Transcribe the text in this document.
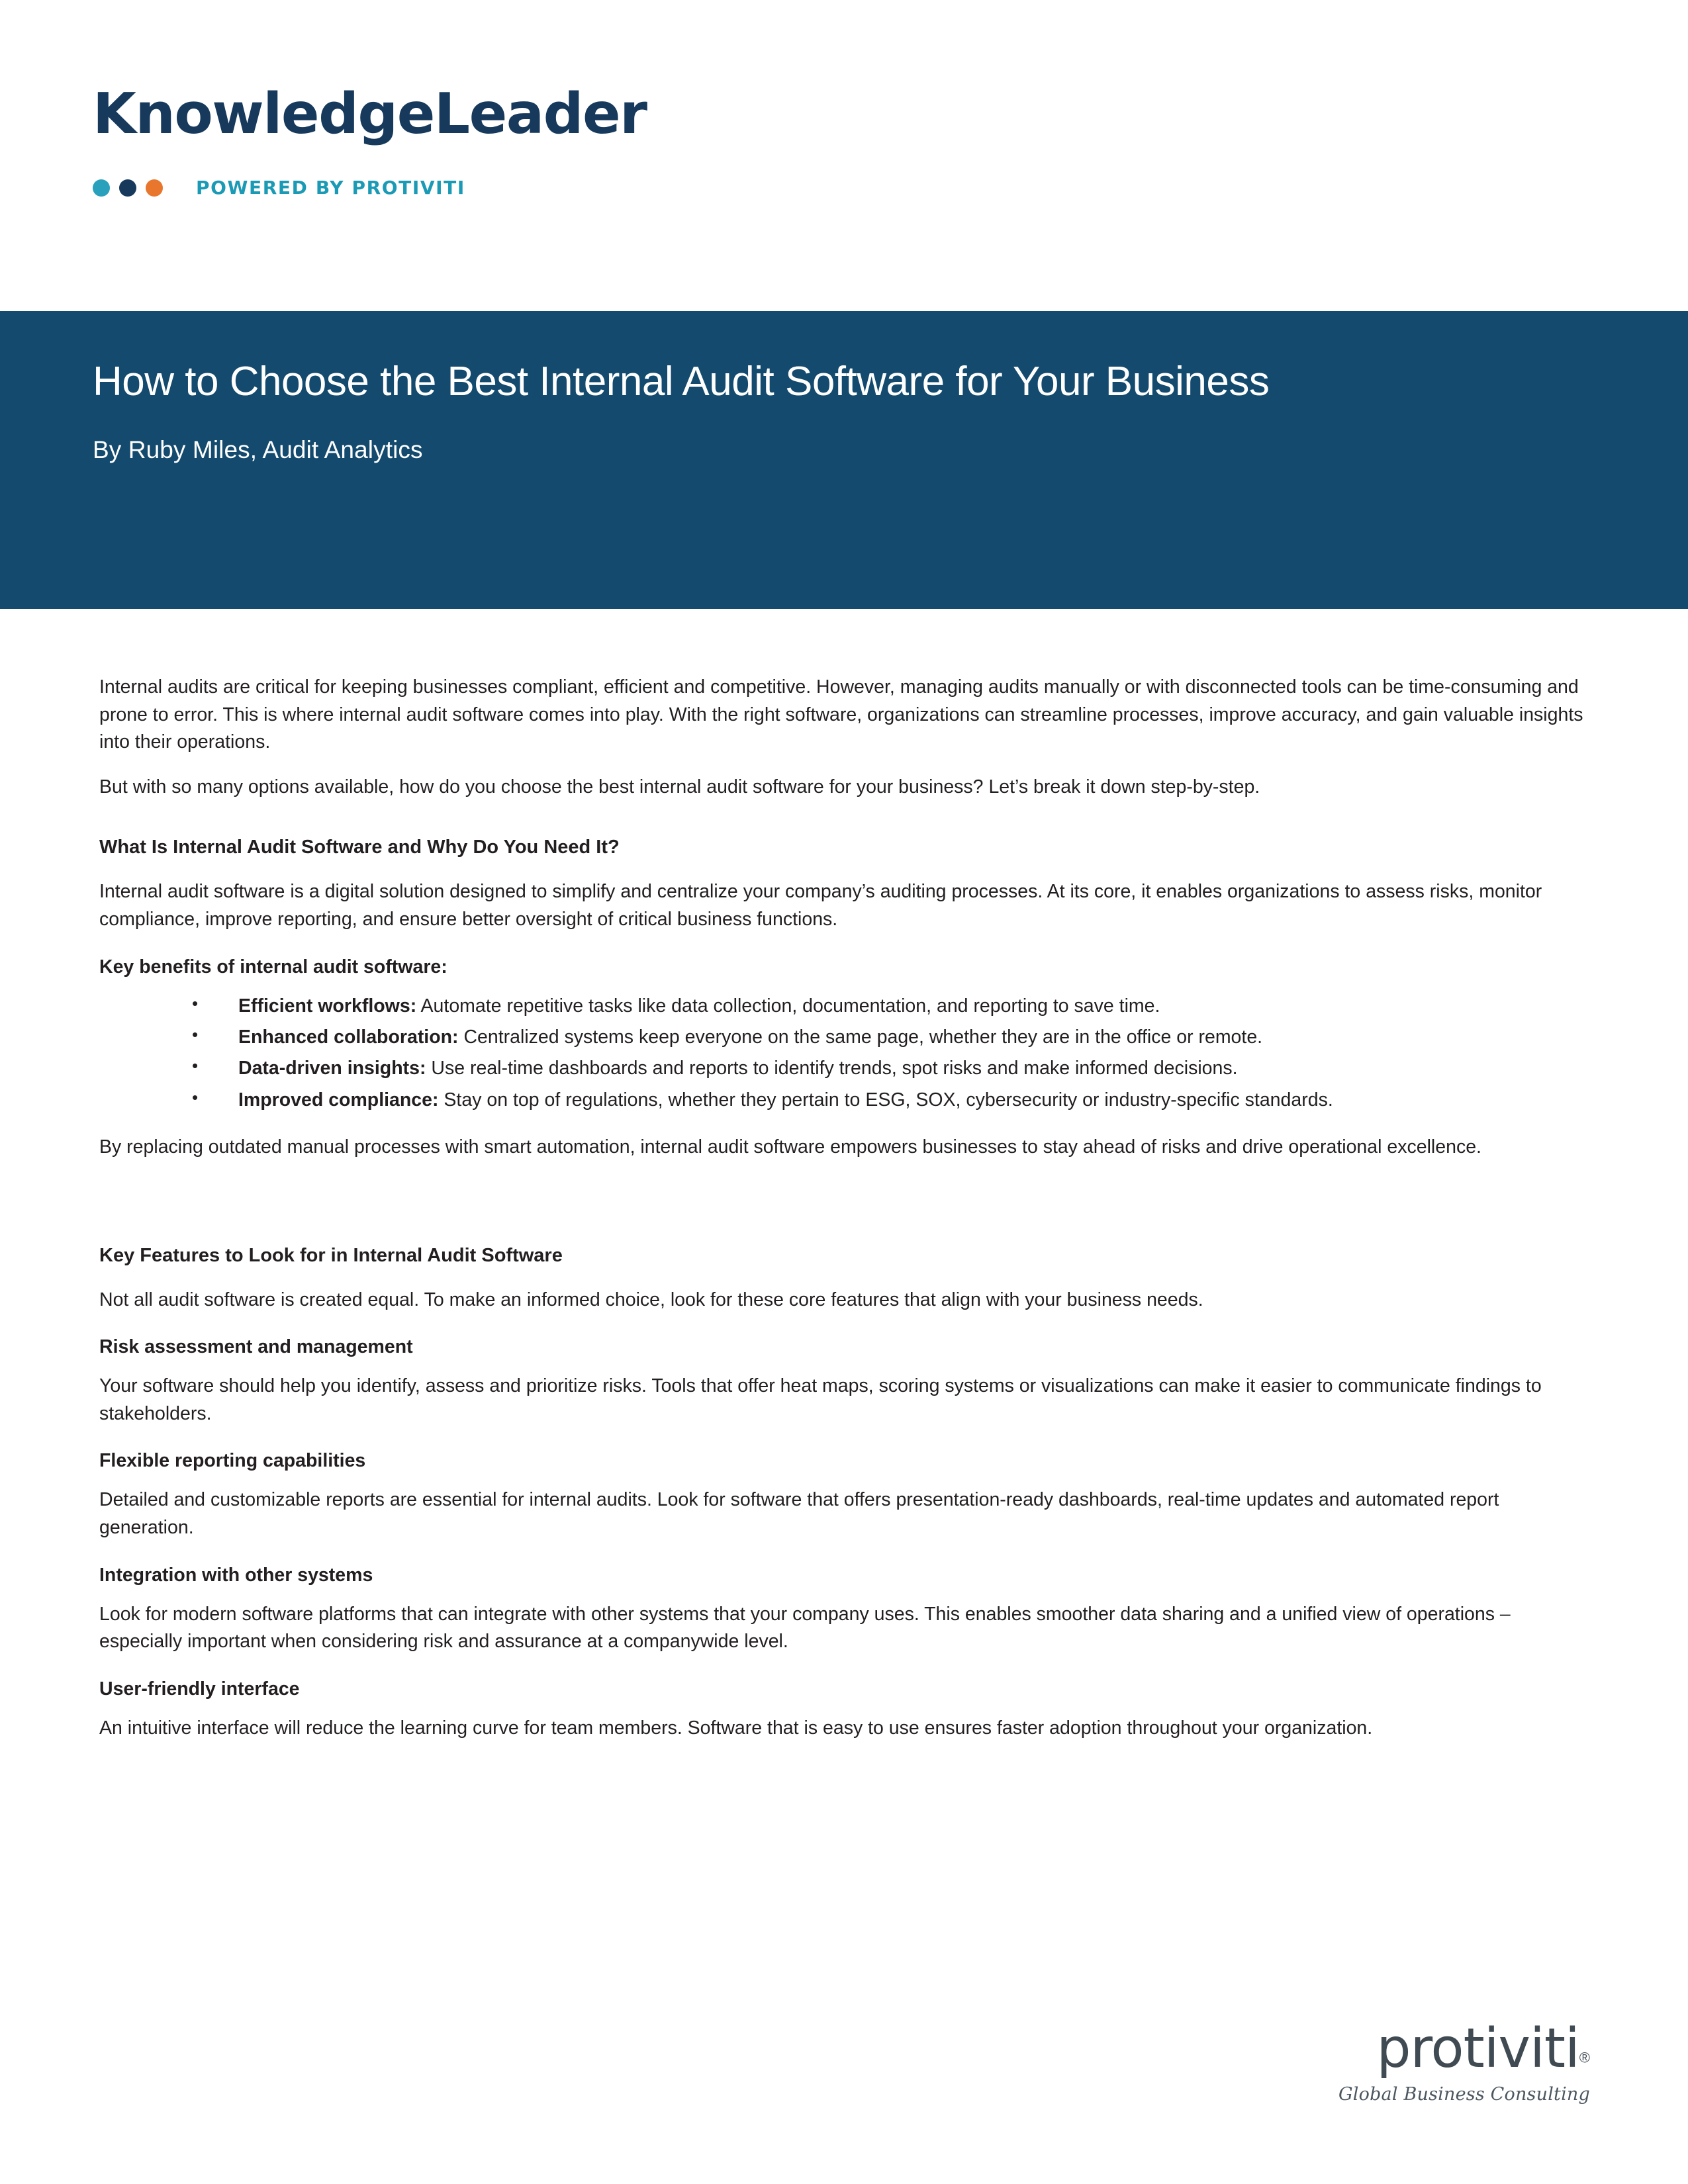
KnowledgeLeader
POWERED BY PROTIVITI
How to Choose the Best Internal Audit Software for Your Business
By Ruby Miles, Audit Analytics

Internal audits are critical for keeping businesses compliant, efficient and competitive. However, managing audits manually or with disconnected tools can be time-consuming and prone to error. This is where internal audit software comes into play. With the right software, organizations can streamline processes, improve accuracy, and gain valuable insights into their operations.

But with so many options available, how do you choose the best internal audit software for your business? Let’s break it down step-by-step.

What Is Internal Audit Software and Why Do You Need It?

Internal audit software is a digital solution designed to simplify and centralize your company’s auditing processes. At its core, it enables organizations to assess risks, monitor compliance, improve reporting, and ensure better oversight of critical business functions.

Key benefits of internal audit software:
• Efficient workflows: Automate repetitive tasks like data collection, documentation, and reporting to save time.
• Enhanced collaboration: Centralized systems keep everyone on the same page, whether they are in the office or remote.
• Data-driven insights: Use real-time dashboards and reports to identify trends, spot risks and make informed decisions.
• Improved compliance: Stay on top of regulations, whether they pertain to ESG, SOX, cybersecurity or industry-specific standards.

By replacing outdated manual processes with smart automation, internal audit software empowers businesses to stay ahead of risks and drive operational excellence.

Key Features to Look for in Internal Audit Software

Not all audit software is created equal. To make an informed choice, look for these core features that align with your business needs.

Risk assessment and management

Your software should help you identify, assess and prioritize risks. Tools that offer heat maps, scoring systems or visualizations can make it easier to communicate findings to stakeholders.

Flexible reporting capabilities

Detailed and customizable reports are essential for internal audits. Look for software that offers presentation-ready dashboards, real-time updates and automated report generation.

Integration with other systems

Look for modern software platforms that can integrate with other systems that your company uses. This enables smoother data sharing and a unified view of operations – especially important when considering risk and assurance at a companywide level.

User-friendly interface

An intuitive interface will reduce the learning curve for team members. Software that is easy to use ensures faster adoption throughout your organization.

protiviti®
Global Business Consulting
